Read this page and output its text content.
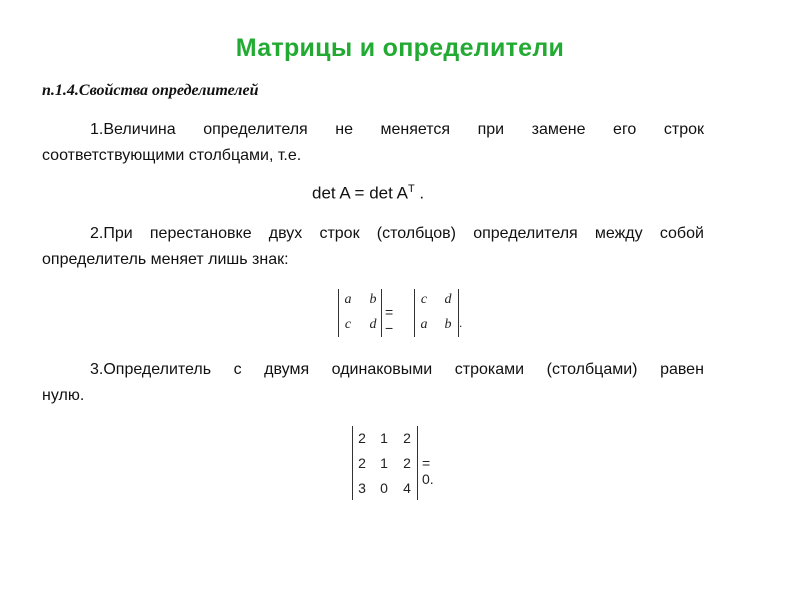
Матрицы и определители
п.1.4.Свойства определителей
1.Величина определителя не меняется при замене его строк
соответствующими столбцами, т.е.
$\det A = \det A^T$ .
2.При перестановке двух строк (столбцов) определителя между собой
определитель меняет лишь знак:
a	b
c	d
= −
c	d
a	b .
3.Определитель с двумя одинаковыми строками (столбцами) равен
нулю.
2	1	2
2	1	2
3	0	4
= 0.
